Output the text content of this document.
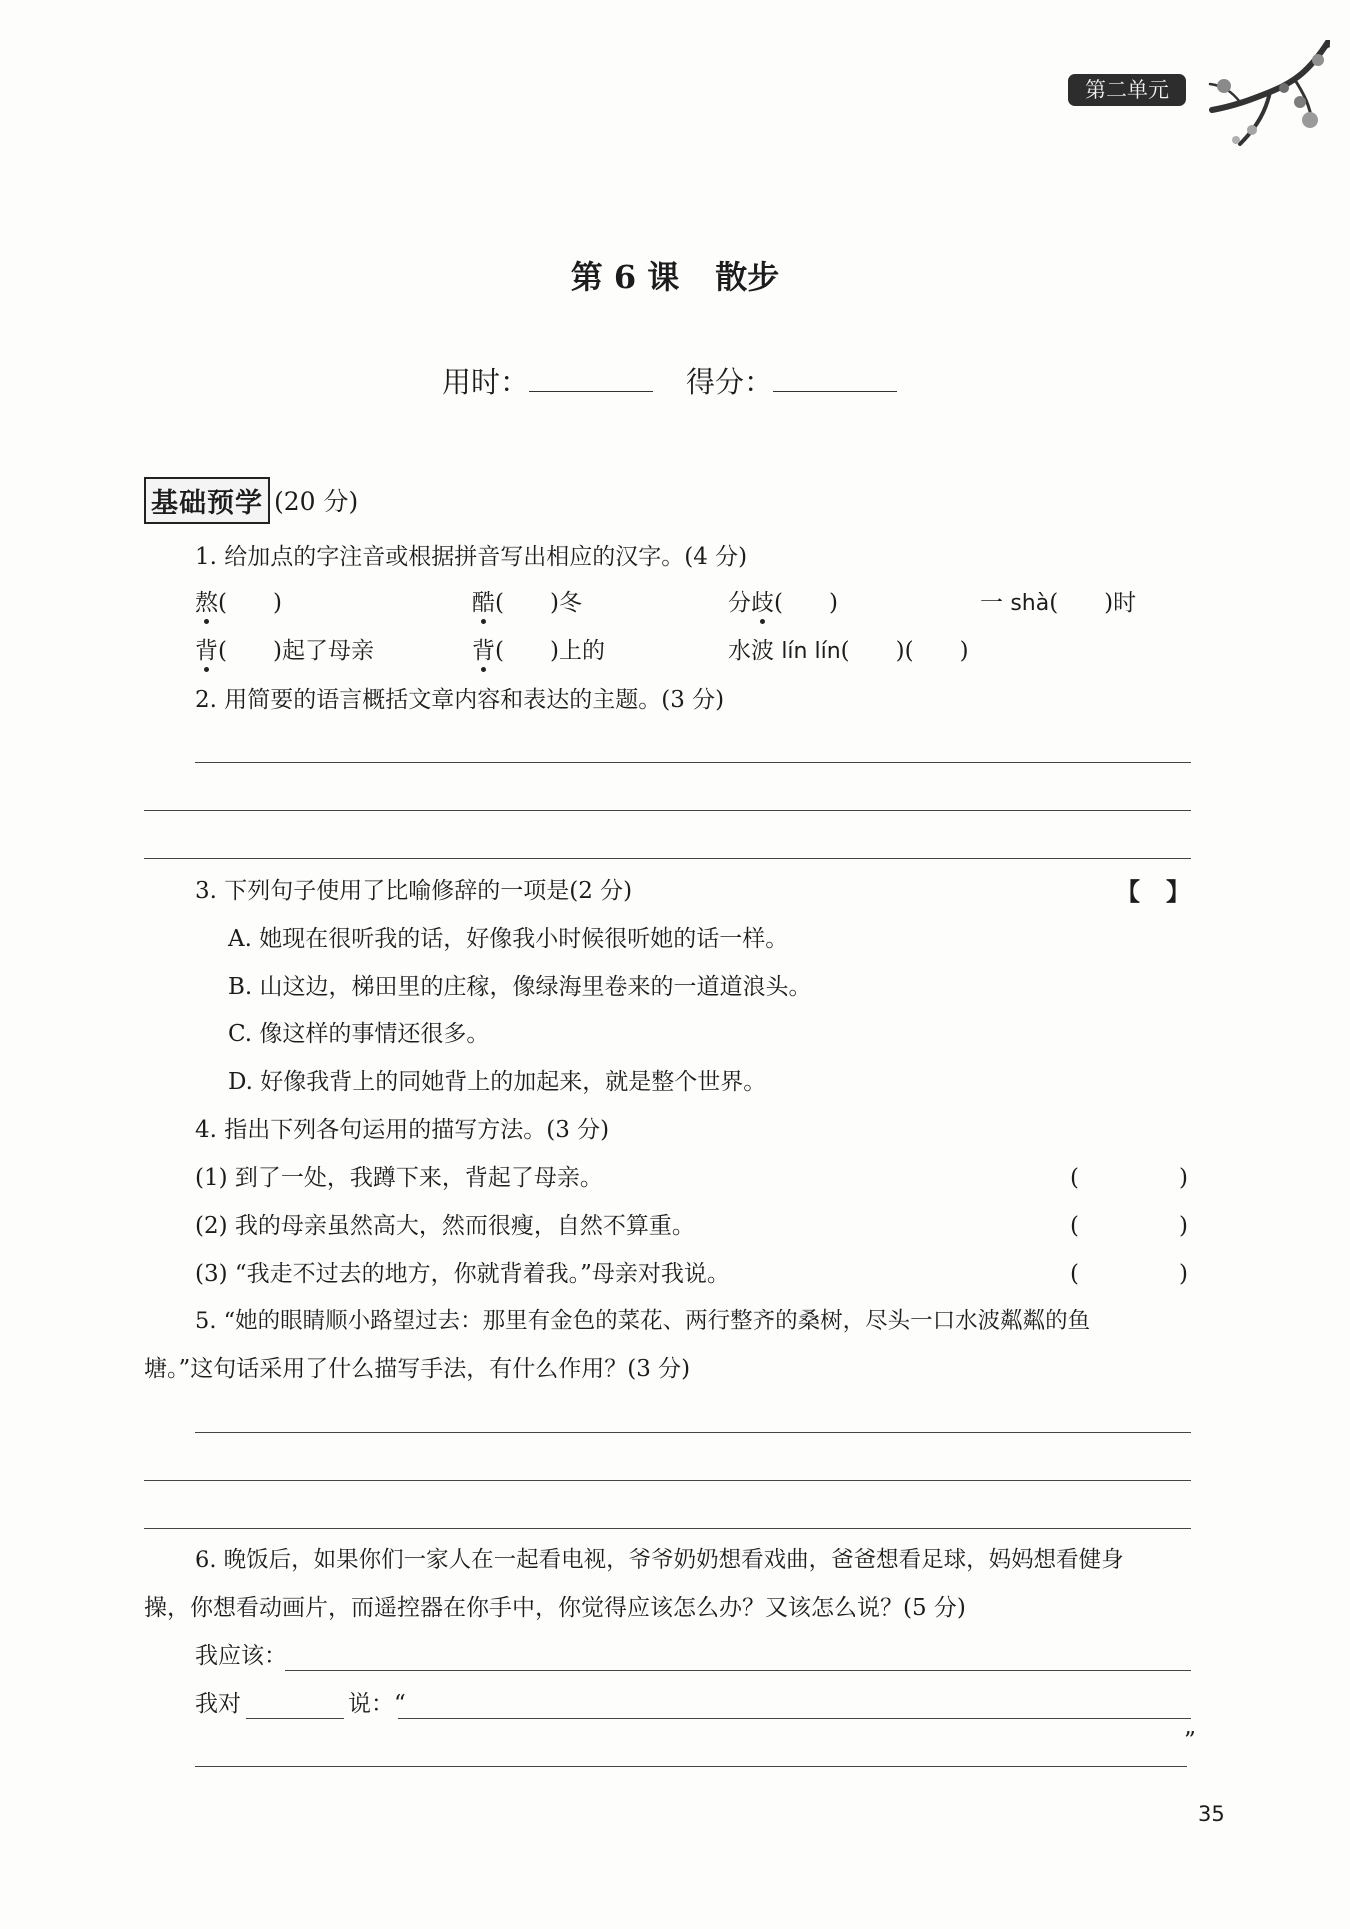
第二单元
第 6 课 散步
用时：	得分：
基础预学 (20 分)
1. 给加点的字注音或根据拼音写出相应的汉字。(4 分)
熬(　　)	酷(　　)冬	分歧(　　)	一 shà(　　)时
背(　　)起了母亲	背(　　)上的	水波 lín lín(　　)(　　)
2. 用简要的语言概括文章内容和表达的主题。(3 分)
3. 下列句子使用了比喻修辞的一项是(2 分)	【 】
A. 她现在很听我的话，好像我小时候很听她的话一样。
B. 山这边，梯田里的庄稼，像绿海里卷来的一道道浪头。
C. 像这样的事情还很多。
D. 好像我背上的同她背上的加起来，就是整个世界。
4. 指出下列各句运用的描写方法。(3 分)
(1) 到了一处，我蹲下来，背起了母亲。	(	)
(2) 我的母亲虽然高大，然而很瘦，自然不算重。	(	)
(3) “我走不过去的地方，你就背着我。”母亲对我说。	(	)
5. “她的眼睛顺小路望过去：那里有金色的菜花、两行整齐的桑树，尽头一口水波粼粼的鱼
塘。”这句话采用了什么描写手法，有什么作用？(3 分)
6. 晚饭后，如果你们一家人在一起看电视，爷爷奶奶想看戏曲，爸爸想看足球，妈妈想看健身
操，你想看动画片，而遥控器在你手中，你觉得应该怎么办？又该怎么说？(5 分)
我应该：
我对	说：“
”
35
